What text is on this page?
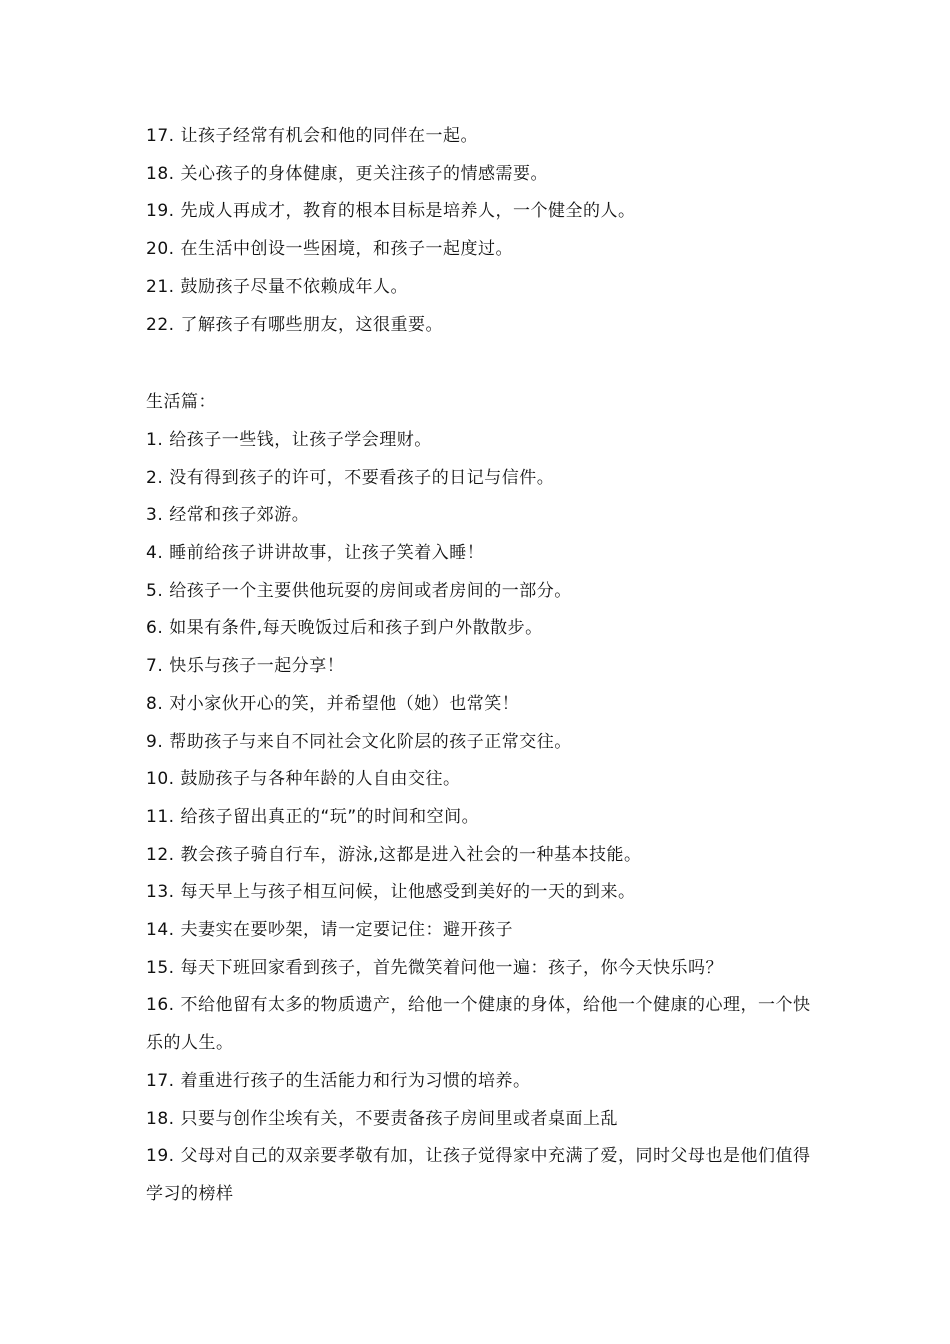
17. 让孩子经常有机会和他的同伴在一起。
18. 关心孩子的身体健康，更关注孩子的情感需要。
19. 先成人再成才，教育的根本目标是培养人，一个健全的人。
20. 在生活中创设一些困境，和孩子一起度过。
21. 鼓励孩子尽量不依赖成年人。
22. 了解孩子有哪些朋友，这很重要。
生活篇：
1. 给孩子一些钱，让孩子学会理财。
2. 没有得到孩子的许可，不要看孩子的日记与信件。
3. 经常和孩子郊游。
4. 睡前给孩子讲讲故事，让孩子笑着入睡！
5. 给孩子一个主要供他玩耍的房间或者房间的一部分。
6. 如果有条件,每天晚饭过后和孩子到户外散散步。
7. 快乐与孩子一起分享！
8. 对小家伙开心的笑，并希望他（她）也常笑！
9. 帮助孩子与来自不同社会文化阶层的孩子正常交往。
10. 鼓励孩子与各种年龄的人自由交往。
11. 给孩子留出真正的“玩”的时间和空间。
12. 教会孩子骑自行车，游泳,这都是进入社会的一种基本技能。
13. 每天早上与孩子相互问候，让他感受到美好的一天的到来。
14. 夫妻实在要吵架，请一定要记住：避开孩子
15. 每天下班回家看到孩子，首先微笑着问他一遍：孩子，你今天快乐吗？
16. 不给他留有太多的物质遗产，给他一个健康的身体，给他一个健康的心理，一个快乐的人生。
17. 着重进行孩子的生活能力和行为习惯的培养。
18. 只要与创作尘埃有关，不要责备孩子房间里或者桌面上乱
19. 父母对自己的双亲要孝敬有加，让孩子觉得家中充满了爱，同时父母也是他们值得学习的榜样
